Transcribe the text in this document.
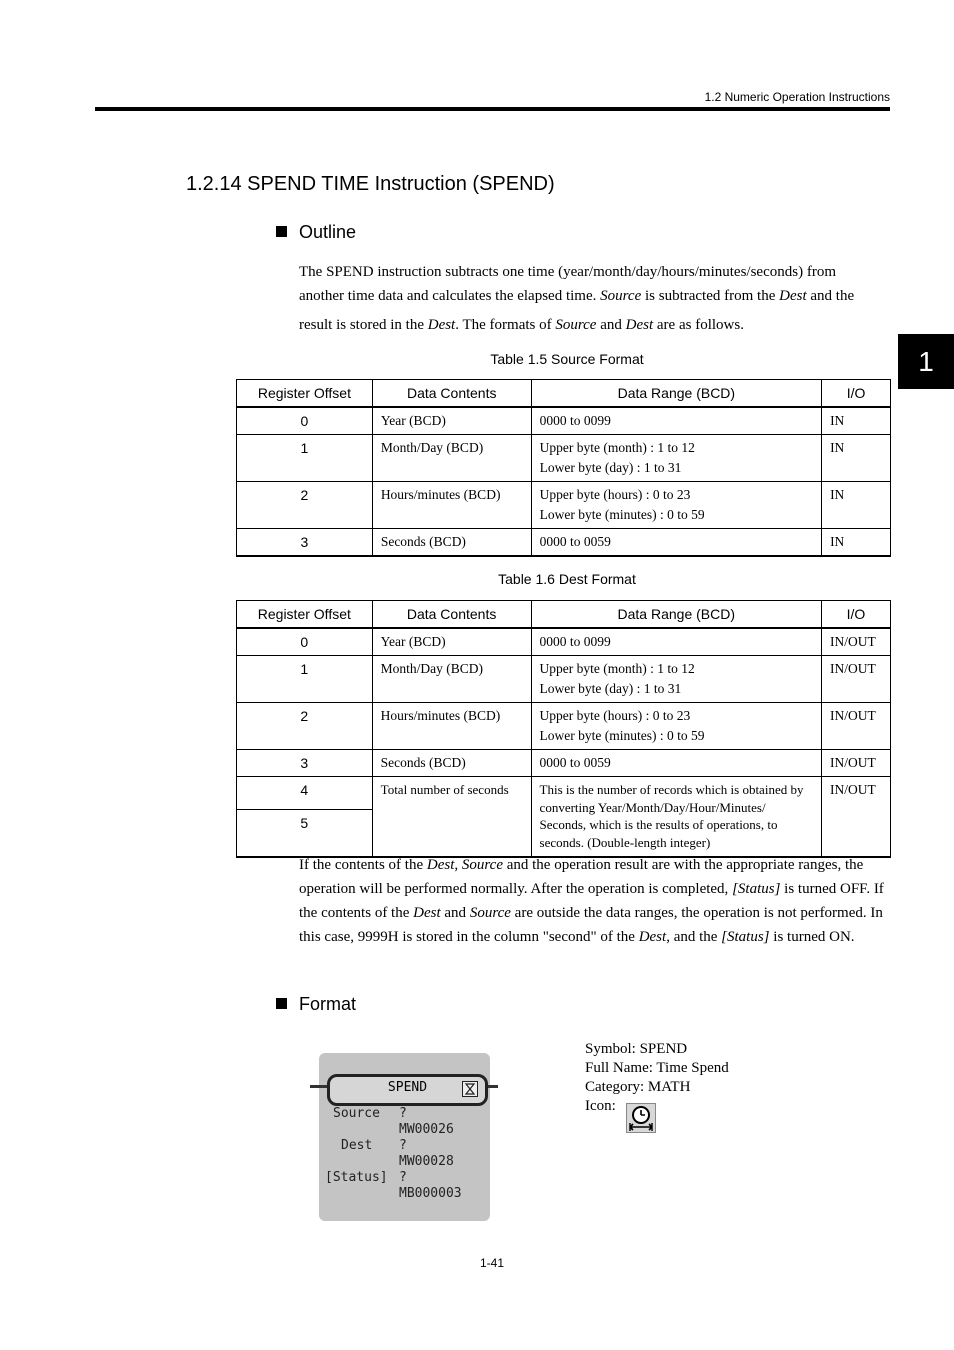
1.2 Numeric Operation Instructions
1
1.2.14 SPEND TIME Instruction (SPEND)
Outline
The SPEND instruction subtracts one time (year/month/day/hours/minutes/seconds) from
another time data and calculates the elapsed time. Source is subtracted from the Dest and the
result is stored in the Dest. The formats of Source and Dest are as follows.
Table 1.5 Source Format
Register Offset	Data Contents	Data Range (BCD)	I/O
0	Year (BCD)	0000 to 0099	IN
1	Month/Day (BCD)	Upper byte (month) : 1 to 12
Lower byte (day) : 1 to 31	IN
2	Hours/minutes (BCD)	Upper byte (hours) : 0 to 23
Lower byte (minutes) : 0 to 59	IN
3	Seconds (BCD)	0000 to 0059	IN
Table 1.6 Dest Format
Register Offset	Data Contents	Data Range (BCD)	I/O
0	Year (BCD)	0000 to 0099	IN/OUT
1	Month/Day (BCD)	Upper byte (month) : 1 to 12
Lower byte (day) : 1 to 31	IN/OUT
2	Hours/minutes (BCD)	Upper byte (hours) : 0 to 23
Lower byte (minutes) : 0 to 59	IN/OUT
3	Seconds (BCD)	0000 to 0059	IN/OUT
4	Total number of seconds	This is the number of records which is obtained by converting Year/Month/Day/Hour/Minutes/ Seconds, which is the results of operations, to seconds. (Double-length integer)	IN/OUT
5			
If the contents of the Dest, Source and the operation result are with the appropriate ranges, the operation will be performed normally. After the operation is completed, [Status] is turned OFF. If the contents of the Dest and Source are outside the data ranges, the operation is not performed. In this case, 9999H is stored in the column "second" of the Dest, and the [Status] is turned ON.
Format
SPEND
Source ?
MW00026
Dest ?
MW00028
[Status] ?
MB000003
Symbol: SPEND
Full Name: Time Spend
Category: MATH
Icon:
1-41
